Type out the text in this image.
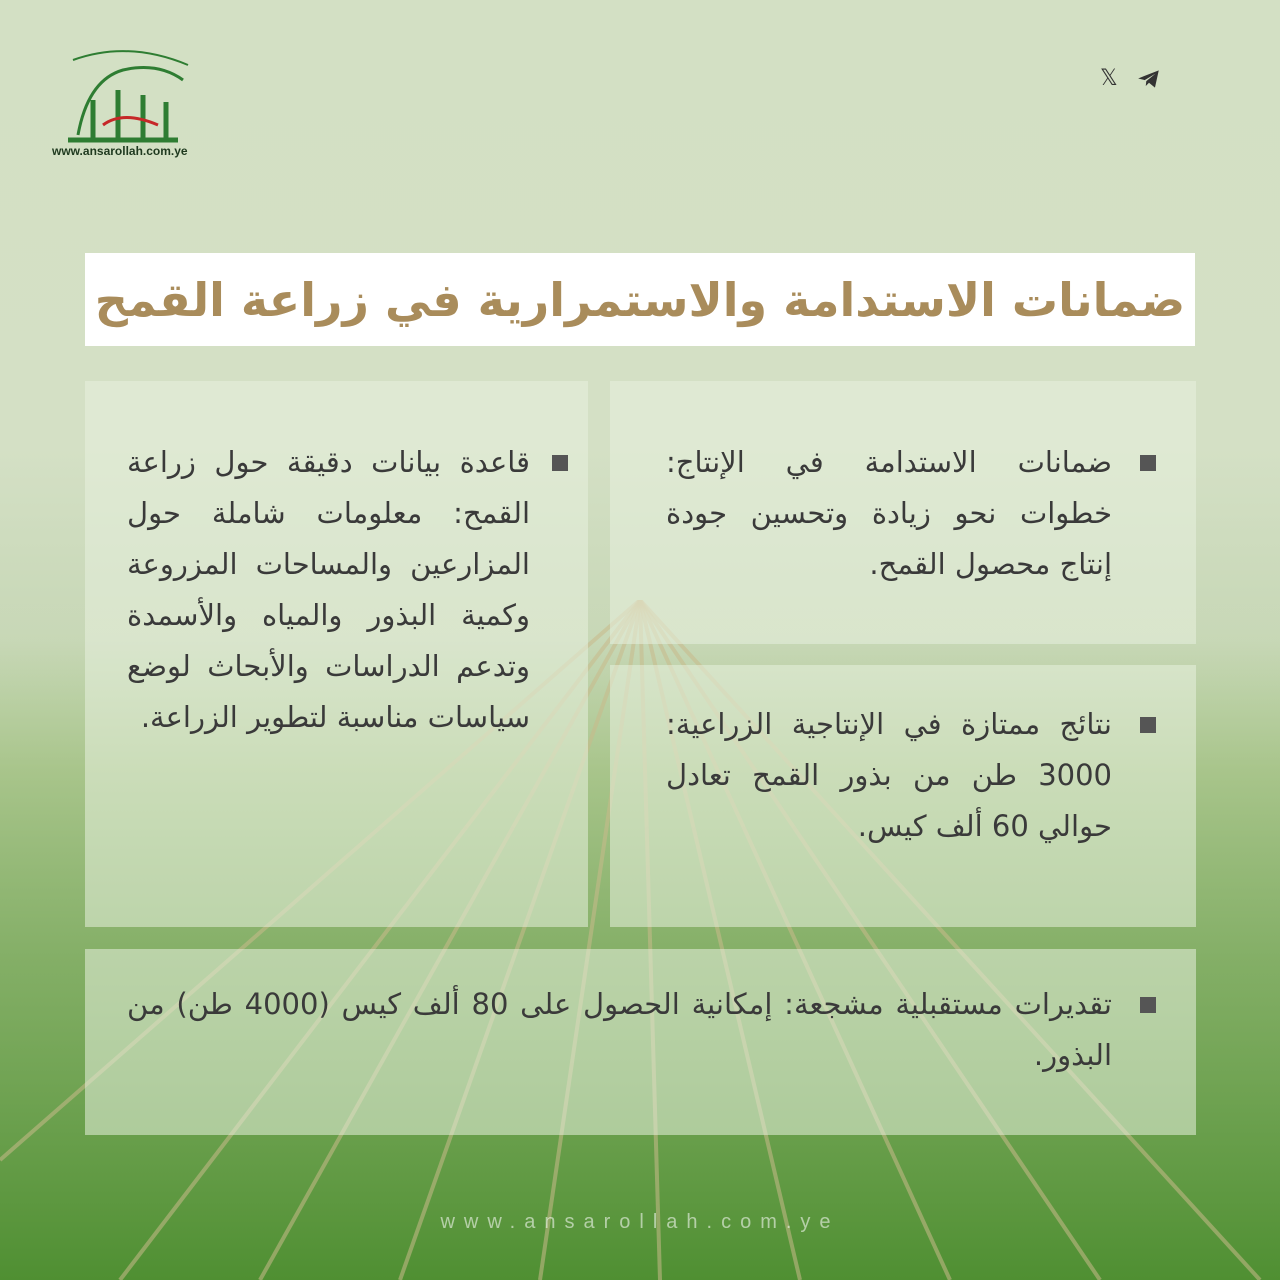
www.ansarollah.com.ye
𝕏
ضمانات الاستدامة والاستمرارية في زراعة القمح
ضمانات الاستدامة في الإنتاج: خطوات نحو زيادة وتحسين جودة إنتاج محصول القمح.
نتائج ممتازة في الإنتاجية الزراعية: 3000 طن من بذور القمح تعادل حوالي 60 ألف كيس.
قاعدة بيانات دقيقة حول زراعة القمح: معلومات شاملة حول المزارعين والمساحات المزروعة وكمية البذور والمياه والأسمدة وتدعم الدراسات والأبحاث لوضع سياسات مناسبة لتطوير الزراعة.
تقديرات مستقبلية مشجعة: إمكانية الحصول على 80 ألف كيس (4000 طن) من البذور.
www.ansarollah.com.ye
